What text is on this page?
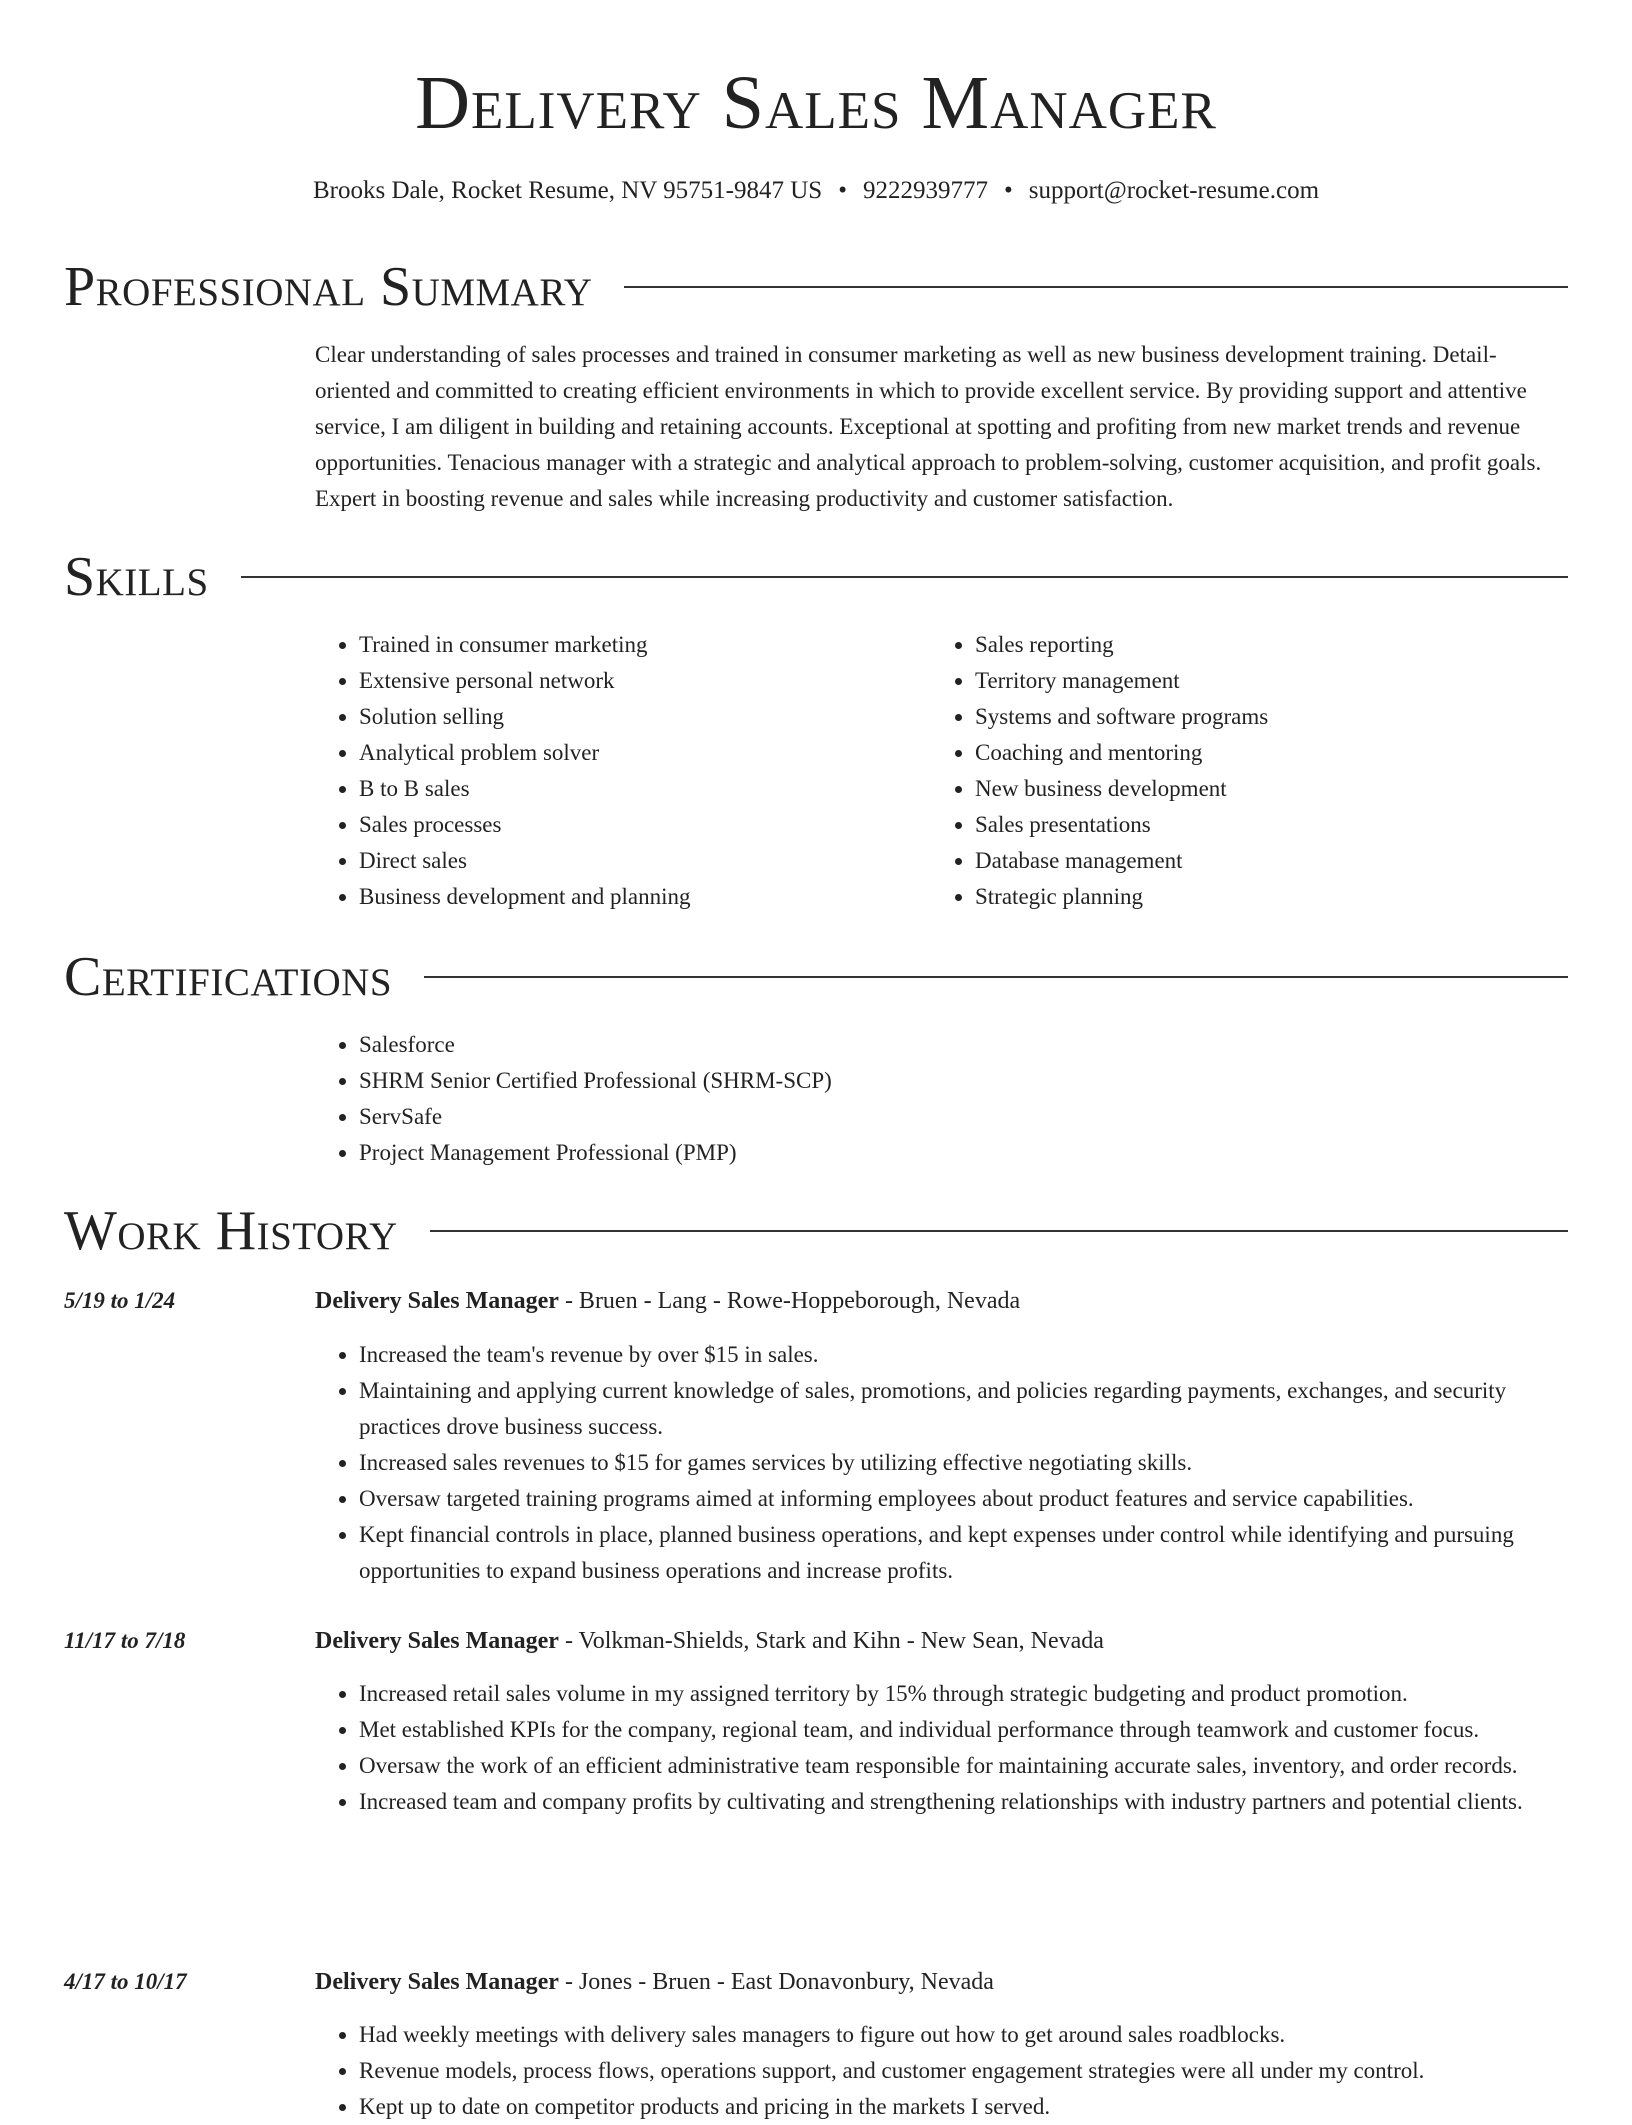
Delivery Sales Manager
Brooks Dale, Rocket Resume, NV 95751-9847 US • 9222939777 • support@rocket-resume.com
Professional Summary

Clear understanding of sales processes and trained in consumer marketing as well as new business development training. Detail-oriented and committed to creating efficient environments in which to provide excellent service. By providing support and attentive service, I am diligent in building and retaining accounts. Exceptional at spotting and profiting from new market trends and revenue opportunities. Tenacious manager with a strategic and analytical approach to problem-solving, customer acquisition, and profit goals. Expert in boosting revenue and sales while increasing productivity and customer satisfaction.

Skills
• Trained in consumer marketing
• Extensive personal network
• Solution selling
• Analytical problem solver
• B to B sales
• Sales processes
• Direct sales
• Business development and planning
• Sales reporting
• Territory management
• Systems and software programs
• Coaching and mentoring
• New business development
• Sales presentations
• Database management
• Strategic planning
Certifications
• Salesforce
• SHRM Senior Certified Professional (SHRM-SCP)
• ServSafe
• Project Management Professional (PMP)
Work History
5/19 to 1/24	Delivery Sales Manager - Bruen - Lang - Rowe-Hoppeborough, Nevada
• Increased the team's revenue by over $15 in sales.
• Maintaining and applying current knowledge of sales, promotions, and policies regarding payments, exchanges, and security practices drove business success.
• Increased sales revenues to $15 for games services by utilizing effective negotiating skills.
• Oversaw targeted training programs aimed at informing employees about product features and service capabilities.
• Kept financial controls in place, planned business operations, and kept expenses under control while identifying and pursuing opportunities to expand business operations and increase profits.
11/17 to 7/18	Delivery Sales Manager - Volkman-Shields, Stark and Kihn - New Sean, Nevada
• Increased retail sales volume in my assigned territory by 15% through strategic budgeting and product promotion.
• Met established KPIs for the company, regional team, and individual performance through teamwork and customer focus.
• Oversaw the work of an efficient administrative team responsible for maintaining accurate sales, inventory, and order records.
• Increased team and company profits by cultivating and strengthening relationships with industry partners and potential clients.
4/17 to 10/17	Delivery Sales Manager - Jones - Bruen - East Donavonbury, Nevada
• Had weekly meetings with delivery sales managers to figure out how to get around sales roadblocks.
• Revenue models, process flows, operations support, and customer engagement strategies were all under my control.
• Kept up to date on competitor products and pricing in the markets I served.
